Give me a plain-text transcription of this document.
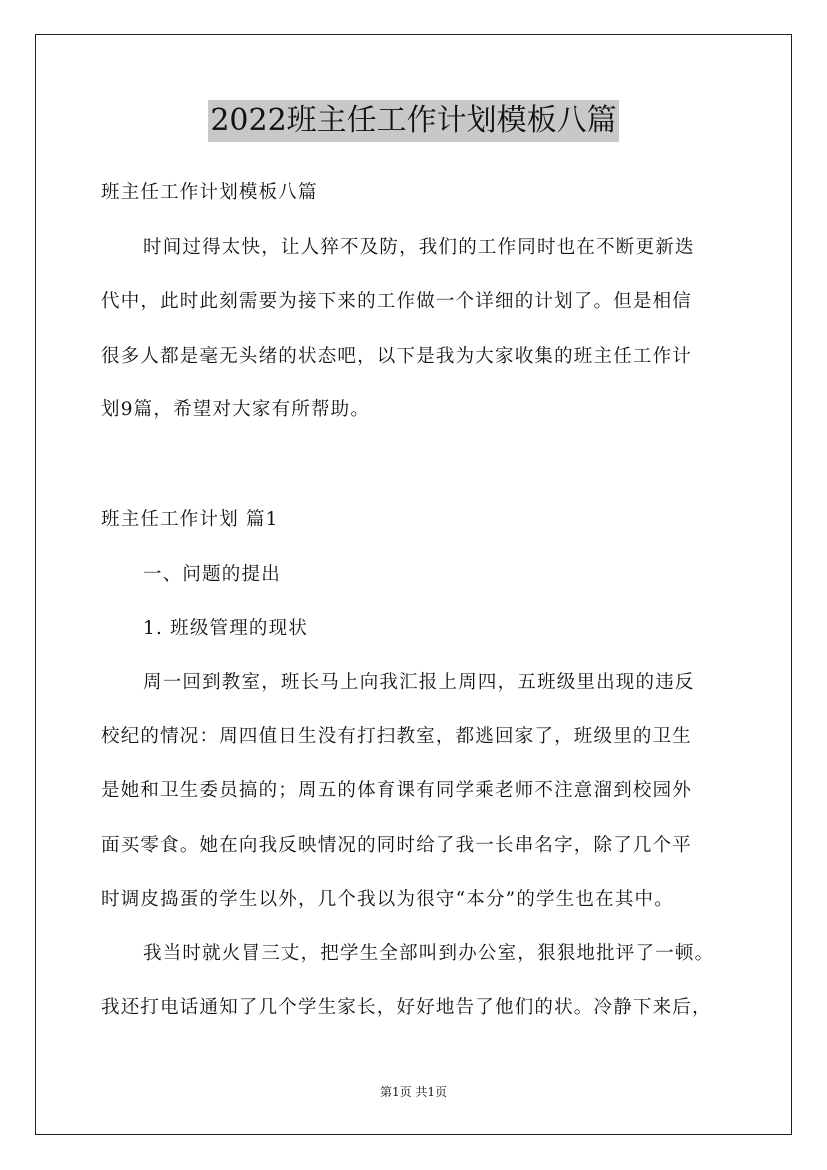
2022班主任工作计划模板八篇
班主任工作计划模板八篇
时间过得太快，让人猝不及防，我们的工作同时也在不断更新迭
代中，此时此刻需要为接下来的工作做一个详细的计划了。但是相信
很多人都是毫无头绪的状态吧，以下是我为大家收集的班主任工作计
划9篇，希望对大家有所帮助。
班主任工作计划 篇1
一、问题的提出
1. 班级管理的现状
周一回到教室，班长马上向我汇报上周四，五班级里出现的违反
校纪的情况：周四值日生没有打扫教室，都逃回家了，班级里的卫生
是她和卫生委员搞的；周五的体育课有同学乘老师不注意溜到校园外
面买零食。她在向我反映情况的同时给了我一长串名字，除了几个平
时调皮捣蛋的学生以外，几个我以为很守“本分”的学生也在其中。
我当时就火冒三丈，把学生全部叫到办公室，狠狠地批评了一顿。
我还打电话通知了几个学生家长，好好地告了他们的状。冷静下来后，
第1页 共1页
